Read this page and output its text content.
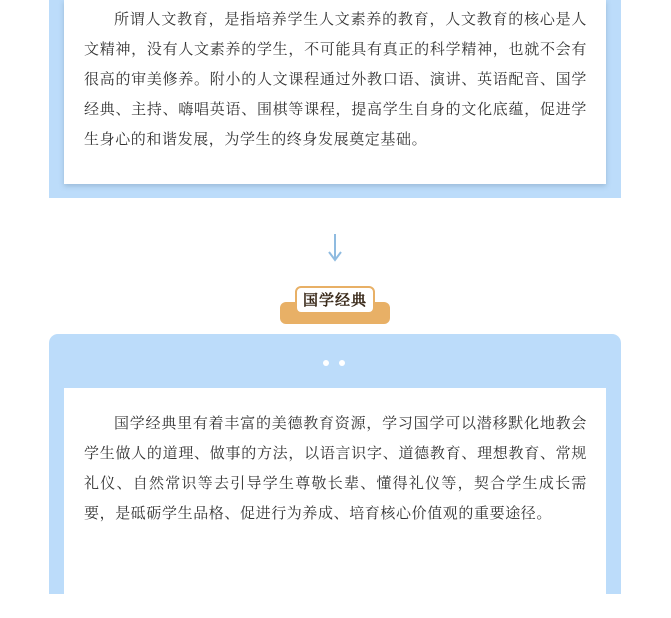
所谓人文教育，是指培养学生人文素养的教育，人文教育的核心是人文精神，没有人文素养的学生，不可能具有真正的科学精神，也就不会有很高的审美修养。附小的人文课程通过外教口语、演讲、英语配音、国学经典、主持、嗨唱英语、围棋等课程，提高学生自身的文化底蕴，促进学生身心的和谐发展，为学生的终身发展奠定基础。

国学经典

国学经典里有着丰富的美德教育资源，学习国学可以潜移默化地教会学生做人的道理、做事的方法，以语言识字、道德教育、理想教育、常规礼仪、自然常识等去引导学生尊敬长辈、懂得礼仪等，契合学生成长需要，是砥砺学生品格、促进行为养成、培育核心价值观的重要途径。
